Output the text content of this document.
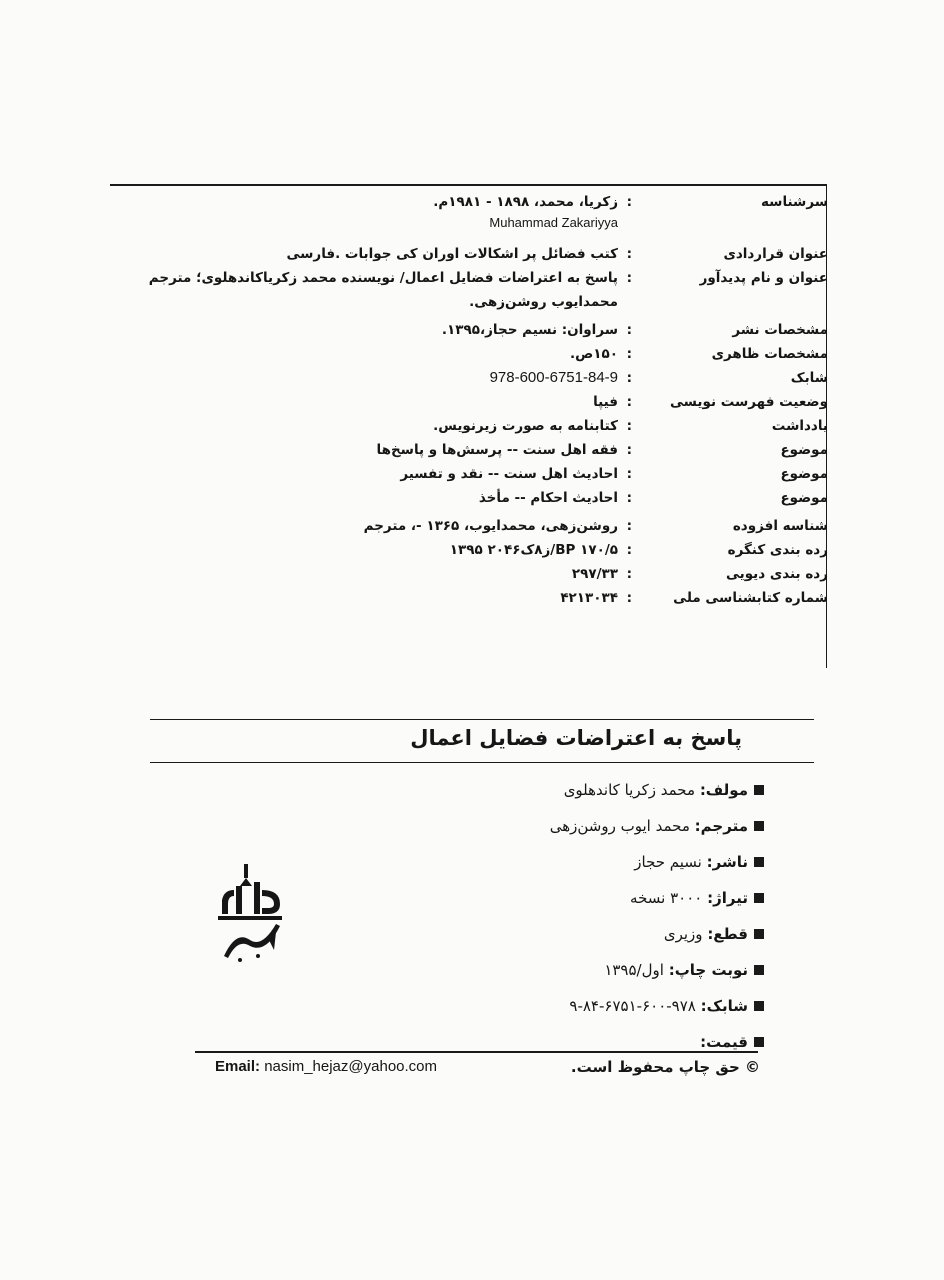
سرشناسه
:
زکریا، محمد، ۱۸۹۸ - ۱۹۸۱م.
Muhammad Zakariyya
عنوان قراردادی
:
کتب فضائل پر اشکالات اوران کی جوابات .فارسی
عنوان و نام پدیدآور
:
پاسخ به اعتراضات فضایل اعمال/ نویسنده محمد زکریاکاندهلوی؛ مترجم محمدایوب روشن‌زهی.
مشخصات نشر
:
سراوان: نسیم حجاز،۱۳۹۵.
مشخصات ظاهری
:
۱۵۰ص.
شابک
:
978-600-6751-84-9
وضعیت فهرست نویسی
:
فیپا
یادداشت
:
کتابنامه به صورت زیرنویس.
موضوع
:
فقه اهل سنت -- پرسش‌ها و پاسخ‌ها
موضوع
:
احادیث اهل سنت -- نقد و تفسیر
موضوع
:
احادیث احکام -- مأخذ
شناسه افزوده
:
روشن‌زهی، محمدایوب، ۱۳۶۵ -، مترجم
رده بندی کنگره
:
BP ۱۷۰/۵/ز۸ک۲۰۴۶ ۱۳۹۵
رده بندی دیویی
:
۲۹۷/۳۳
شماره کتابشناسی ملی
:
۴۲۱۳۰۳۴
پاسخ به اعتراضات فضایل اعمال
مولف: محمد زکریا کاندهلوی
مترجم: محمد ایوب روشن‌زهی
ناشر: نسیم حجاز
تیراژ: ۳۰۰۰ نسخه
قطع: وزیری
نوبت چاپ: اول/۱۳۹۵
شابک: ۹۷۸-۶۰۰-۶۷۵۱-۸۴-۹
قیمت:
© حق چاپ محفوظ است.
Email: nasim_hejaz@yahoo.com
